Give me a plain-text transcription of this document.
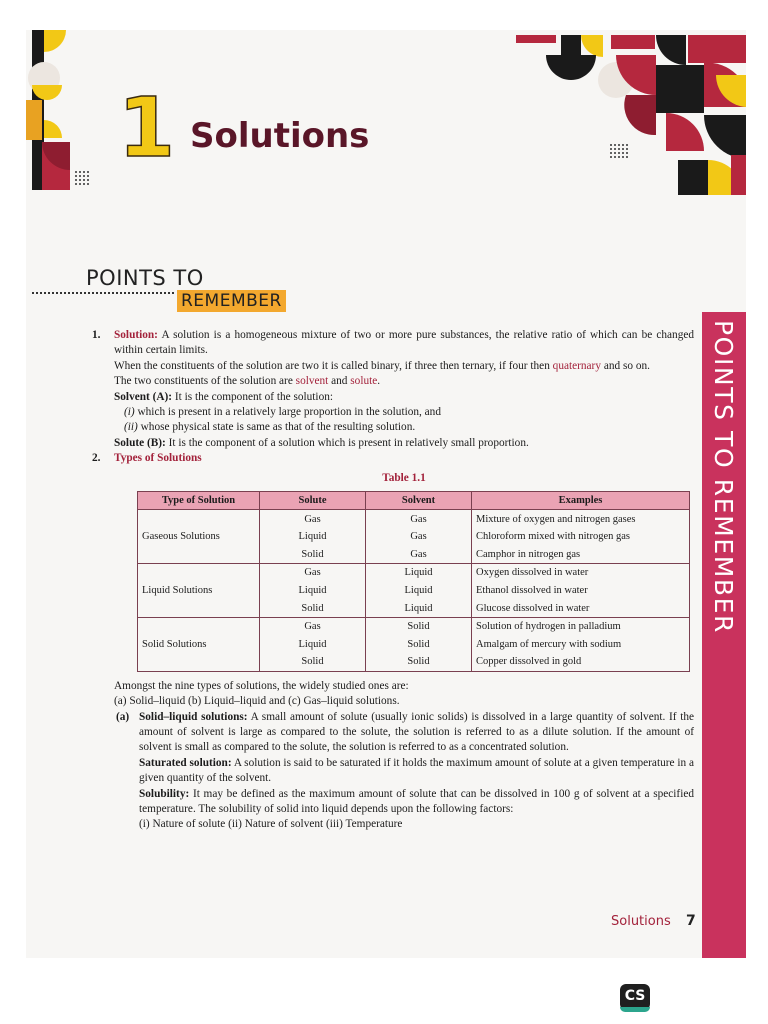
1 Solutions
POINTS TO
REMEMBER
POINTS TO REMEMBER
1. Solution: A solution is a homogeneous mixture of two or more pure substances, the relative ratio of which can be changed within certain limits.

When the constituents of the solution are two it is called binary, if three then ternary, if four then quaternary and so on.

The two constituents of the solution are solvent and solute.

Solvent (A): It is the component of the solution:

(i) which is present in a relatively large proportion in the solution, and

(ii) whose physical state is same as that of the resulting solution.

Solute (B): It is the component of a solution which is present in relatively small proportion.

2. Types of Solutions

Table 1.1
Type of Solution	Solute	Solvent	Examples
Gaseous Solutions	Gas	Gas	Mixture of oxygen and nitrogen gases
	Liquid	Gas	Chloroform mixed with nitrogen gas
	Solid	Gas	Camphor in nitrogen gas
Liquid Solutions	Gas	Liquid	Oxygen dissolved in water
	Liquid	Liquid	Ethanol dissolved in water
	Solid	Liquid	Glucose dissolved in water
Solid Solutions	Gas	Solid	Solution of hydrogen in palladium
	Liquid	Solid	Amalgam of mercury with sodium
	Solid	Solid	Copper dissolved in gold

Amongst the nine types of solutions, the widely studied ones are:

(a) Solid–liquid (b) Liquid–liquid and (c) Gas–liquid solutions.

(a) Solid–liquid solutions: A small amount of solute (usually ionic solids) is dissolved in a large quantity of solvent. If the amount of solvent is large as compared to the solute, the solution is referred to as a dilute solution. If the amount of solvent is small as compared to the solute, the solution is referred to as a concentrated solution.

Saturated solution: A solution is said to be saturated if it holds the maximum amount of solute at a given temperature in a given quantity of the solvent.

Solubility: It may be defined as the maximum amount of solute that can be dissolved in 100 g of solvent at a specified temperature. The solubility of solid into liquid depends upon the following factors:

(i) Nature of solute (ii) Nature of solvent (iii) Temperature

Solutions 7
CS
